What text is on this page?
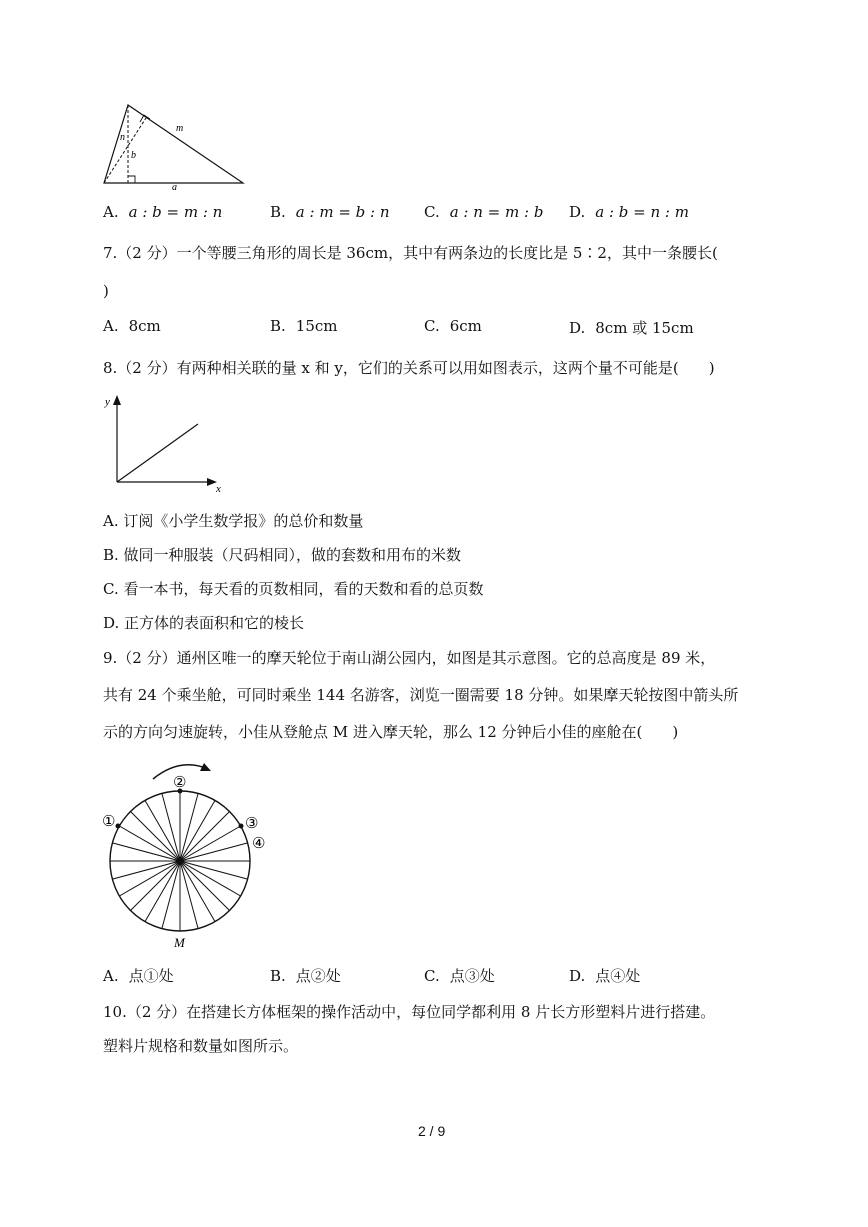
m
n
b
a
A. a : b = m : n	B. a : m = b : n C. a : n = m : b D. a : b = n : m
7.（2 分）一个等腰三角形的周长是 36cm，其中有两条边的长度比是 5∶2，其中一条腰长(
)
A. 8cm	B. 15cm	C. 6cm	D. 8cm 或 15cm
8.（2 分）有两种相关联的量 x 和 y，它们的关系可以用如图表示，这两个量不可能是(　　)
y
x
A. 订阅《小学生数学报》的总价和数量
B. 做同一种服装（尺码相同），做的套数和用布的米数
C. 看一本书，每天看的页数相同，看的天数和看的总页数
D. 正方体的表面积和它的棱长
9.（2 分）通州区唯一的摩天轮位于南山湖公园内，如图是其示意图。它的总高度是 89 米，
共有 24 个乘坐舱，可同时乘坐 144 名游客，浏览一圈需要 18 分钟。如果摩天轮按图中箭头所
示的方向匀速旋转，小佳从登舱点 M 进入摩天轮，那么 12 分钟后小佳的座舱在(　　)
①
②
③
④
M
A. 点①处	B. 点②处	C. 点③处	D. 点④处
10.（2 分）在搭建长方体框架的操作活动中，每位同学都利用 8 片长方形塑料片进行搭建。
塑料片规格和数量如图所示。
2 / 9
